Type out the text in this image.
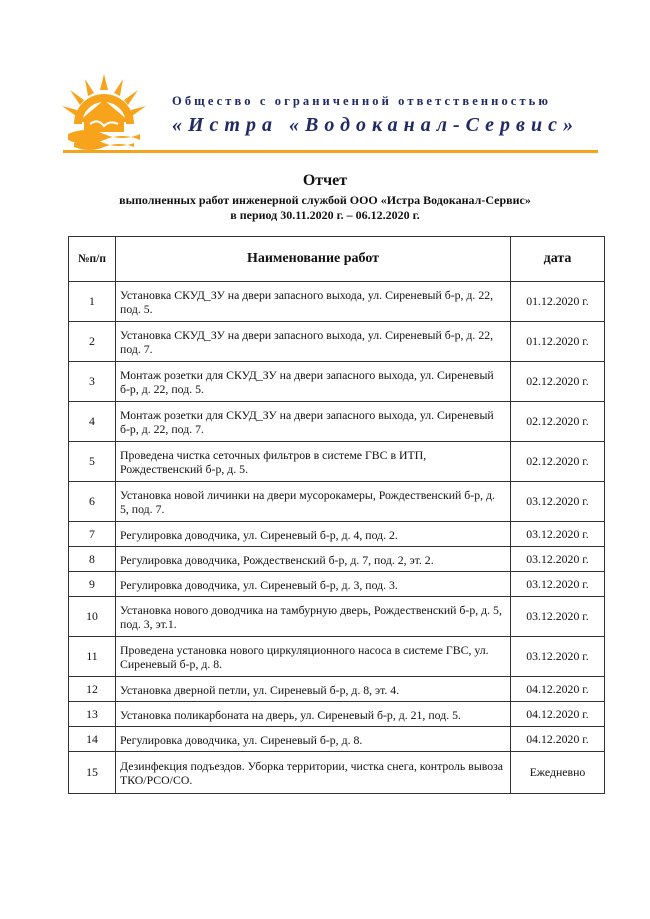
Общество с ограниченной ответственностью
«Истра «Водоканал-Сервис»
Отчет
выполненных работ инженерной службой ООО «Истра Водоканал-Сервис»
в период 30.11.2020 г. – 06.12.2020 г.
№п/п	Наименование работ	дата
1	Установка СКУД_ЗУ на двери запасного выхода, ул. Сиреневый б-р, д. 22, под. 5.	01.12.2020 г.
2	Установка СКУД_ЗУ на двери запасного выхода, ул. Сиреневый б-р, д. 22, под. 7.	01.12.2020 г.
3	Монтаж розетки для СКУД_ЗУ на двери запасного выхода, ул. Сиреневый б-р, д. 22, под. 5.	02.12.2020 г.
4	Монтаж розетки для СКУД_ЗУ на двери запасного выхода, ул. Сиреневый б-р, д. 22, под. 7.	02.12.2020 г.
5	Проведена чистка сеточных фильтров в системе ГВС в ИТП, Рождественский б-р, д. 5.	02.12.2020 г.
6	Установка новой личинки на двери мусорокамеры, Рождественский б-р, д. 5, под. 7.	03.12.2020 г.
7	Регулировка доводчика, ул. Сиреневый б-р, д. 4, под. 2.	03.12.2020 г.
8	Регулировка доводчика, Рождественский б-р, д. 7, под. 2, эт. 2.	03.12.2020 г.
9	Регулировка доводчика, ул. Сиреневый б-р, д. 3, под. 3.	03.12.2020 г.
10	Установка нового доводчика на тамбурную дверь, Рождественский б-р, д. 5, под. 3, эт.1.	03.12.2020 г.
11	Проведена установка нового циркуляционного насоса в системе ГВС, ул. Сиреневый б-р, д. 8.	03.12.2020 г.
12	Установка дверной петли, ул. Сиреневый б-р, д. 8, эт. 4.	04.12.2020 г.
13	Установка поликарбоната на дверь, ул. Сиреневый б-р, д. 21, под. 5.	04.12.2020 г.
14	Регулировка доводчика, ул. Сиреневый б-р, д. 8.	04.12.2020 г.
15	Дезинфекция подъездов. Уборка территории, чистка снега, контроль вывоза ТКО/РСО/СО.	Ежедневно
